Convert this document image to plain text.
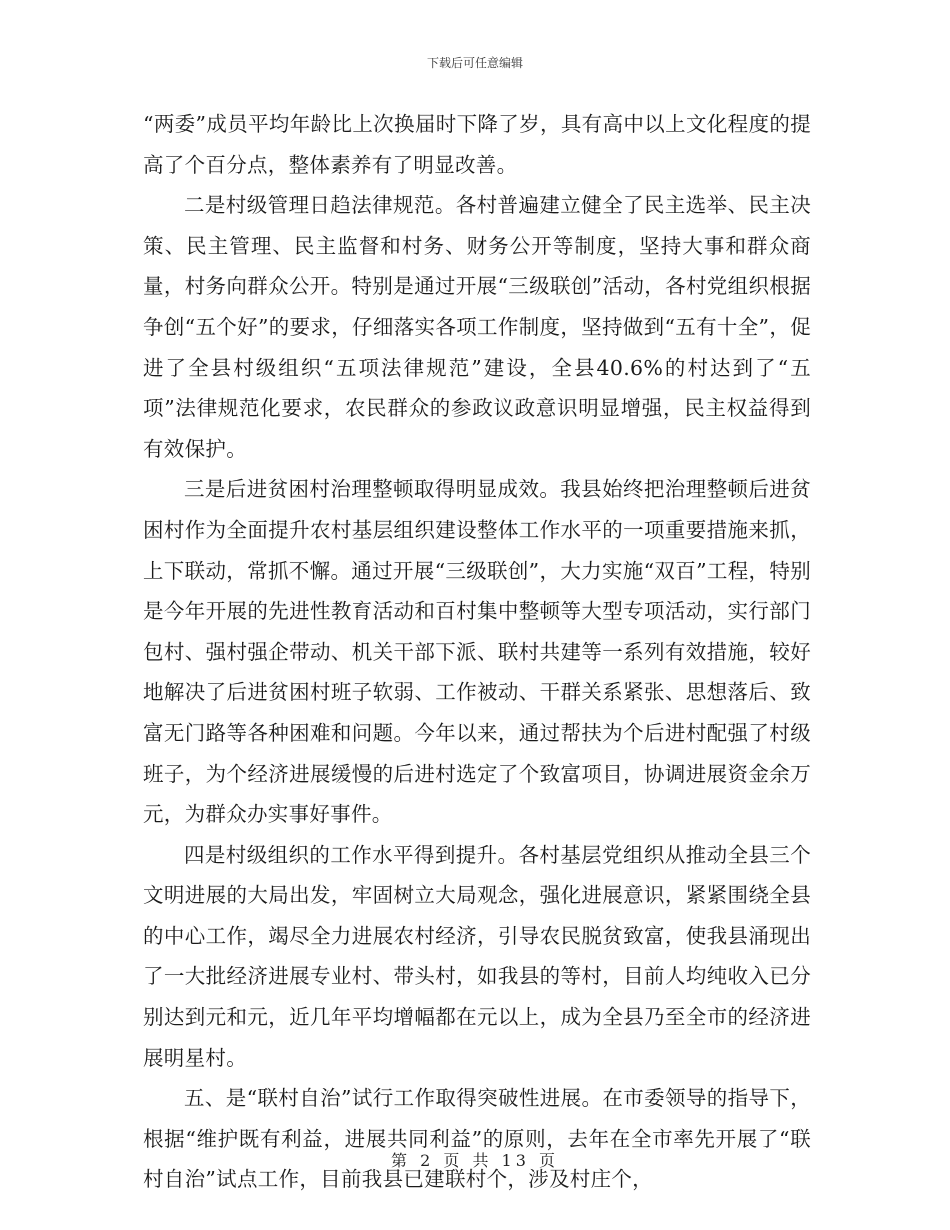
下载后可任意编辑

“两委”成员平均年龄比上次换届时下降了岁，具有高中以上文化程度的提高了个百分点，整体素养有了明显改善。

二是村级管理日趋法律规范。各村普遍建立健全了民主选举、民主决策、民主管理、民主监督和村务、财务公开等制度，坚持大事和群众商量，村务向群众公开。特别是通过开展“三级联创”活动，各村党组织根据争创“五个好”的要求，仔细落实各项工作制度，坚持做到“五有十全”，促进了全县村级组织“五项法律规范”建设，全县40.6%的村达到了“五项”法律规范化要求，农民群众的参政议政意识明显增强，民主权益得到有效保护。

三是后进贫困村治理整顿取得明显成效。我县始终把治理整顿后进贫困村作为全面提升农村基层组织建设整体工作水平的一项重要措施来抓，上下联动，常抓不懈。通过开展“三级联创”，大力实施“双百”工程，特别是今年开展的先进性教育活动和百村集中整顿等大型专项活动，实行部门包村、强村强企带动、机关干部下派、联村共建等一系列有效措施，较好地解决了后进贫困村班子软弱、工作被动、干群关系紧张、思想落后、致富无门路等各种困难和问题。今年以来，通过帮扶为个后进村配强了村级班子，为个经济进展缓慢的后进村选定了个致富项目，协调进展资金余万元，为群众办实事好事件。

四是村级组织的工作水平得到提升。各村基层党组织从推动全县三个文明进展的大局出发，牢固树立大局观念，强化进展意识，紧紧围绕全县的中心工作，竭尽全力进展农村经济，引导农民脱贫致富，使我县涌现出了一大批经济进展专业村、带头村，如我县的等村，目前人均纯收入已分别达到元和元，近几年平均增幅都在元以上，成为全县乃至全市的经济进展明星村。

五、是“联村自治”试行工作取得突破性进展。在市委领导的指导下，根据“维护既有利益，进展共同利益”的原则，去年在全市率先开展了“联村自治”试点工作，目前我县已建联村个，涉及村庄个，

第 2 页 共 13 页
